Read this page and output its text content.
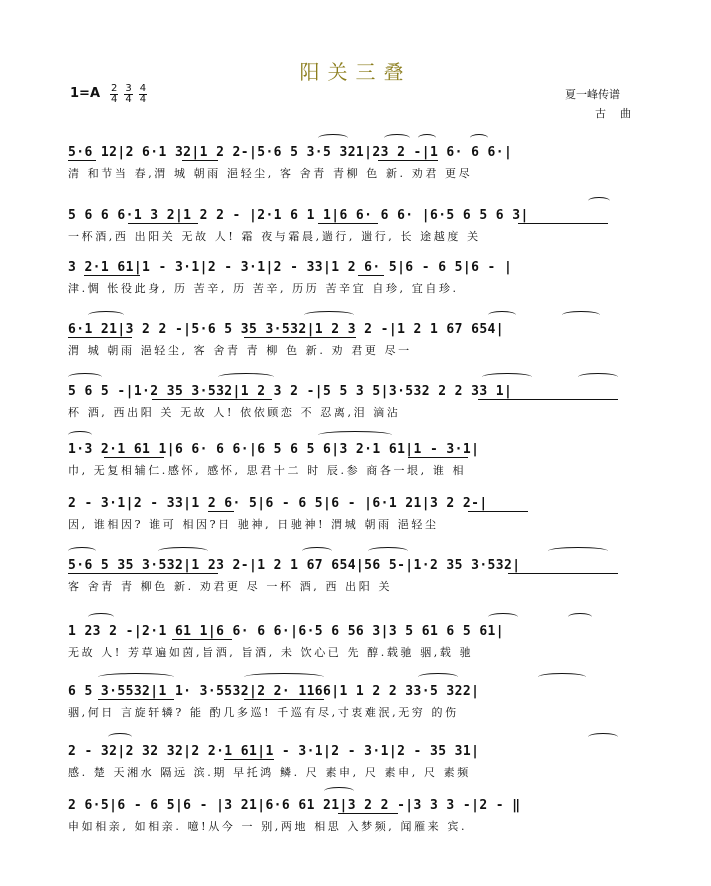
阳关三叠
$1=A \frac{2}{4} \frac{3}{4} \frac{4}{4}$	夏一峰传谱
古曲
5·6 12|2 6·1 32|1 2 2-|5·6 5 3·5 321|23 2 -|1 6· 6 6·|
清 和节当 春,渭 城 朝雨 浥轻尘, 客 舍青 青柳 色 新. 劝君 更尽
5 6 6 6·1 3 2|1 2 2 - |2·1 6 1 1|6 6· 6 6· |6·5 6 5 6 3|
一杯酒,西 出阳关 无故 人! 霜 夜与霜晨,遄行, 遄行, 长 途越度 关
3 2·1 61|1 - 3·1|2 - 3·1|2 - 33|1 2 6· 5|6 - 6 5|6 - |
津.惆 怅役此身, 历 苦辛, 历 苦辛, 历历 苦辛宜 自珍, 宜自珍.
6·1 21|3 2 2 -|5·6 5 35 3·532|1 2 3 2 -|1 2 1 67 654|
渭 城 朝雨 浥轻尘, 客 舍青 青 柳 色 新. 劝 君更 尽一
5 6 5 -|1·2 35 3·532|1 2 3 2 -|5 5 3 5|3·532 2 2 33 1|
杯 酒, 西出阳 关 无故 人! 依依顾恋 不 忍离,泪 滴沾
1·3 2·1 61 1|6 6· 6 6·|6 5 6 5 6|3 2·1 61|1 - 3·1|
巾, 无复相辅仁.感怀, 感怀, 思君十二 时 辰.参 商各一垠, 谁 相
2 - 3·1|2 - 33|1 2 6· 5|6 - 6 5|6 - |6·1 21|3 2 2-|
因, 谁相因? 谁可 相因?日 驰神, 日驰神! 渭城 朝雨 浥轻尘
5·6 5 35 3·532|1 23 2-|1 2 1 67 654|56 5-|1·2 35 3·532|
客 舍青 青 柳色 新. 劝君更 尽 一杯 酒, 西 出阳 关
1 23 2 -|2·1 61 1|6 6· 6 6·|6·5 6 56 3|3 5 61 6 5 61|
无故 人! 芳草遍如茵,旨酒, 旨酒, 未 饮心已 先 醇.载驰 骃,载 驰
6 5 3·5532|1 1· 3·5532|2 2· 1166|1 1 2 2 33·5 322|
骃,何日 言旋轩辚? 能 酌几多巡! 千巡有尽,寸衷难泯,无穷 的伤
2 - 32|2 32 32|2 2·1 61|1 - 3·1|2 - 3·1|2 - 35 31|
感. 楚 天湘水 隔远 滨.期 早托鸿 鳞. 尺 素申, 尺 素申, 尺 素频
2 6·5|6 - 6 5|6 - |3 21|6·6 61 21|3 2 2 -|3 3 3 -|2 - ‖
申如相亲, 如相亲. 噫!从今 一 别,两地 相思 入梦频, 闻雁来 宾.
